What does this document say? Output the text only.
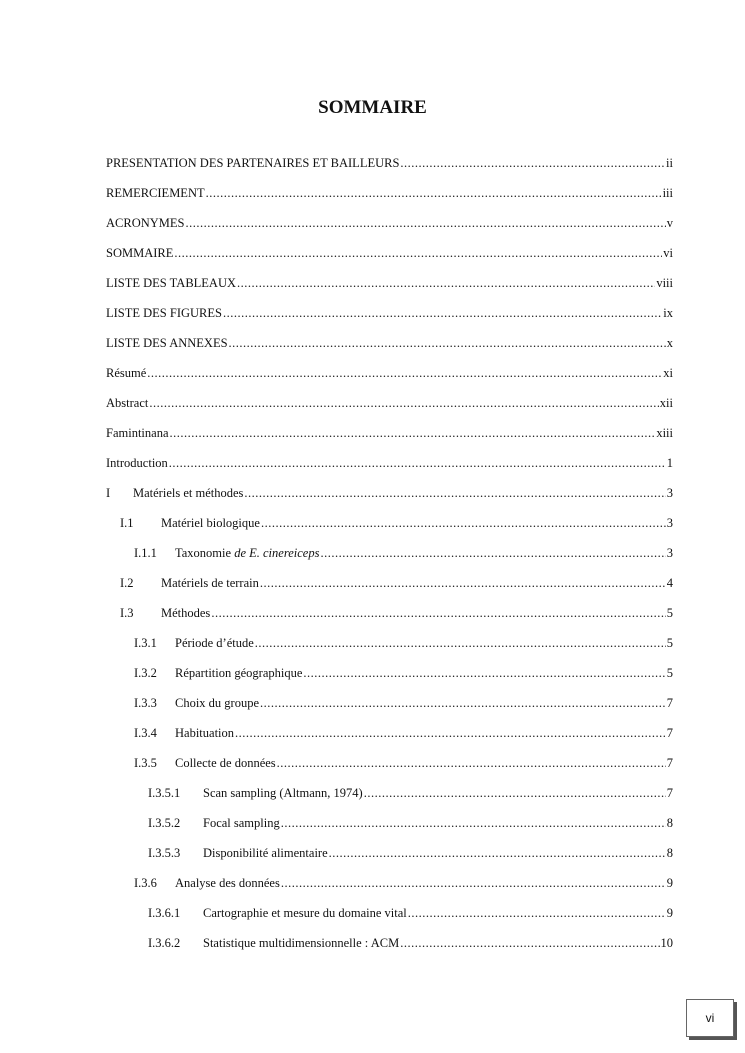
SOMMAIRE
PRESENTATION DES PARTENAIRES ET BAILLEURS .....	ii
REMERCIEMENT .....	iii
ACRONYMES .....	v
SOMMAIRE .....	vi
LISTE DES TABLEAUX .....	viii
LISTE DES FIGURES .....	ix
LISTE DES ANNEXES .....	x
Résumé .....	xi
Abstract .....	xii
Famintinana .....	xiii
Introduction .....	1
I	Matériels et méthodes .....	3
I.1	Matériel biologique .....	3
I.1.1	Taxonomie de E. cinereiceps .....	3
I.2	Matériels de terrain .....	4
I.3	Méthodes .....	5
I.3.1	Période d’étude .....	5
I.3.2	Répartition géographique .....	5
I.3.3	Choix du groupe .....	7
I.3.4	Habituation .....	7
I.3.5	Collecte de données .....	7
I.3.5.1	Scan sampling (Altmann, 1974) .....	7
I.3.5.2	Focal sampling .....	8
I.3.5.3	Disponibilité alimentaire .....	8
I.3.6	Analyse des données .....	9
I.3.6.1	Cartographie et mesure du domaine vital .....	9
I.3.6.2	Statistique multidimensionnelle : ACM .....	10
vi
